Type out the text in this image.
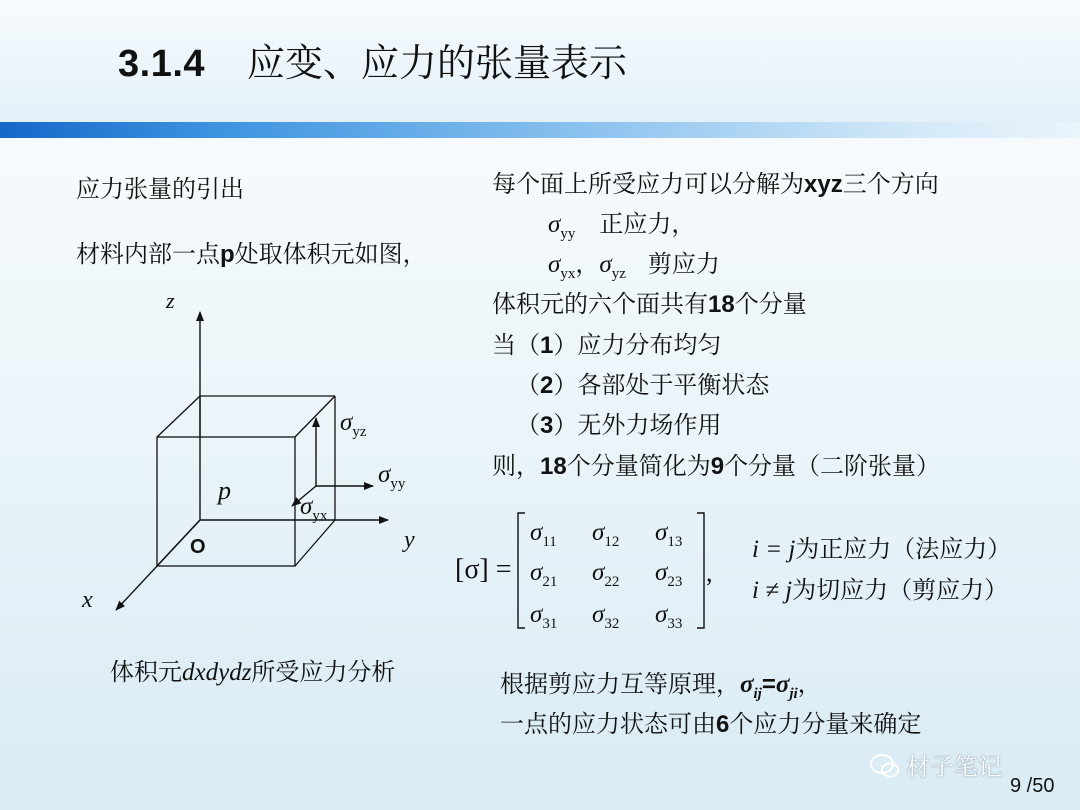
3.1.4 应变、应力的张量表示
应力张量的引出
材料内部一点p处取体积元如图，
z
y
x
p
O
$\sigma_{yz}$
$\sigma_{yy}$
$\sigma_{yx}$
体积元dxdydz所受应力分析
每个面上所受应力可以分解为xyz三个方向
$\sigma_{yy}$ 正应力，
$\sigma_{yx}$，$\sigma_{yz}$ 剪应力
体积元的六个面共有18个分量
当（1）应力分布均匀
（2）各部处于平衡状态
（3）无外力场作用
则，18个分量简化为9个分量（二阶张量）
[σ] =
$\sigma_{11}$ $\sigma_{12}$ $\sigma_{13}$
$\sigma_{21}$ $\sigma_{22}$ $\sigma_{23}$
$\sigma_{31}$ $\sigma_{32}$ $\sigma_{33}$
,
i = j为正应力（法应力）
i ≠ j为切应力（剪应力）
根据剪应力互等原理，$\sigma_{ij}=\sigma_{ji}$，
一点的应力状态可由6个应力分量来确定
材子笔记
9 /50
